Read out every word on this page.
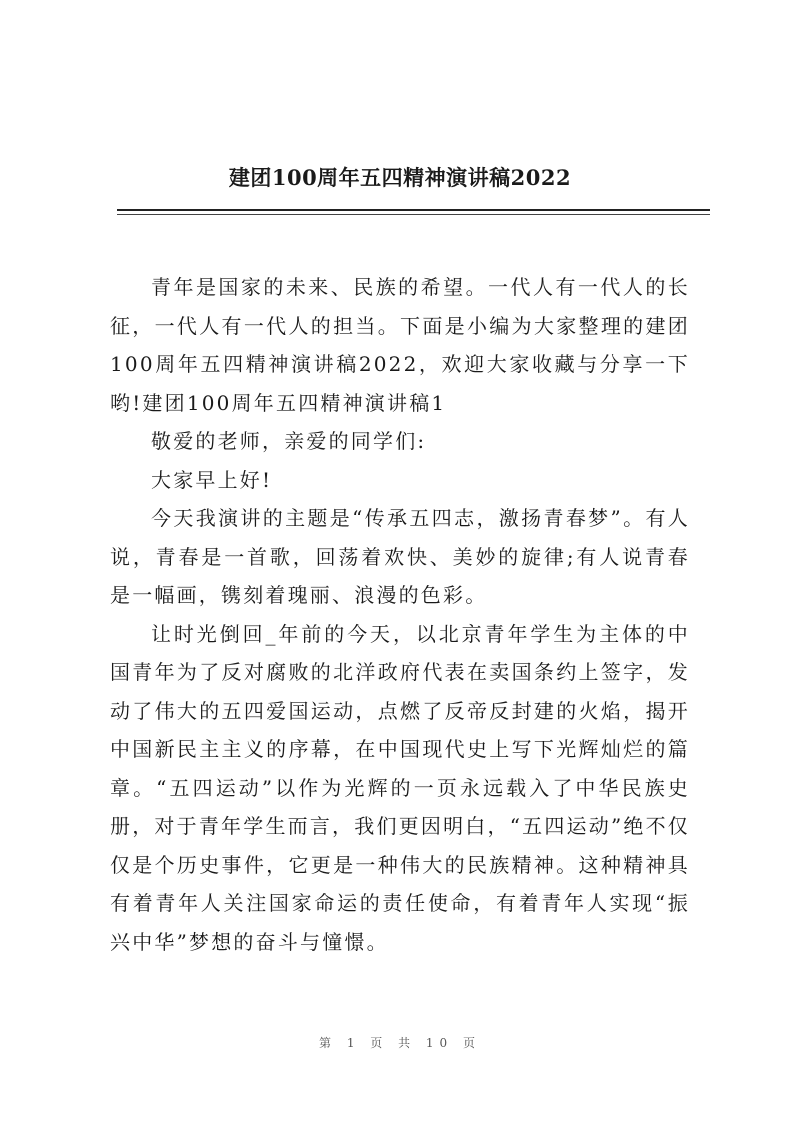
建团100周年五四精神演讲稿2022

青年是国家的未来、民族的希望。一代人有一代人的长征，一代人有一代人的担当。下面是小编为大家整理的建团100周年五四精神演讲稿2022，欢迎大家收藏与分享一下哟!建团100周年五四精神演讲稿1

敬爱的老师，亲爱的同学们:

大家早上好!

今天我演讲的主题是“传承五四志，激扬青春梦”。有人说，青春是一首歌，回荡着欢快、美妙的旋律;有人说青春是一幅画，镌刻着瑰丽、浪漫的色彩。

让时光倒回_年前的今天，以北京青年学生为主体的中国青年为了反对腐败的北洋政府代表在卖国条约上签字，发动了伟大的五四爱国运动，点燃了反帝反封建的火焰，揭开中国新民主主义的序幕，在中国现代史上写下光辉灿烂的篇章。“五四运动”以作为光辉的一页永远载入了中华民族史册，对于青年学生而言，我们更因明白，“五四运动”绝不仅仅是个历史事件，它更是一种伟大的民族精神。这种精神具有着青年人关注国家命运的责任使命，有着青年人实现“振兴中华”梦想的奋斗与憧憬。

第 1 页 共 10 页
